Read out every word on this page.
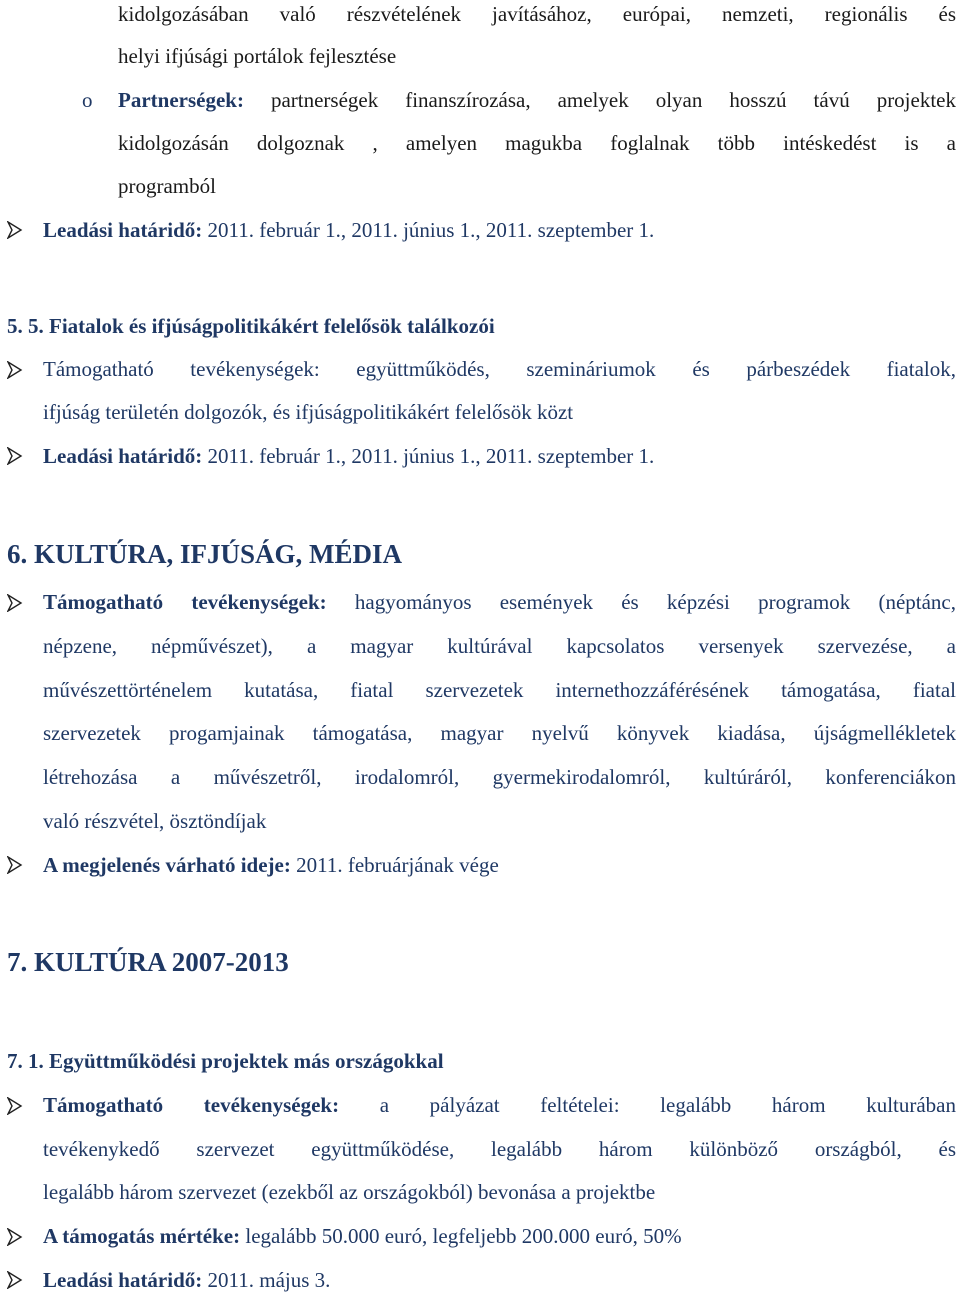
kidolgozásában való részvételének javításához, európai, nemzeti, regionális és
helyi ifjúsági portálok fejlesztése
o Partnerségek: partnerségek finanszírozása, amelyek olyan hosszú távú projektek
kidolgozásán dolgoznak , amelyen magukba foglalnak több intéskedést is a
programból
Leadási határidő: 2011. február 1., 2011. június 1., 2011. szeptember 1.
5. 5. Fiatalok és ifjúságpolitikákért felelősök találkozói
Támogatható tevékenységek: együttműködés, szemináriumok és párbeszédek fiatalok,
ifjúság területén dolgozók, és ifjúságpolitikákért felelősök közt
Leadási határidő: 2011. február 1., 2011. június 1., 2011. szeptember 1.
6. KULTÚRA, IFJÚSÁG, MÉDIA
Támogatható tevékenységek: hagyományos események és képzési programok (néptánc,
népzene, népművészet), a magyar kultúrával kapcsolatos versenyek szervezése, a
művészettörténelem kutatása, fiatal szervezetek internethozzáférésének támogatása, fiatal
szervezetek progamjainak támogatása, magyar nyelvű könyvek kiadása, újságmellékletek
létrehozása a művészetről, irodalomról, gyermekirodalomról, kultúráról, konferenciákon
való részvétel, ösztöndíjak
A megjelenés várható ideje: 2011. februárjának vége
7. KULTÚRA 2007-2013
7. 1. Együttműködési projektek más országokkal
Támogatható tevékenységek: a pályázat feltételei: legalább három kulturában
tevékenykedő szervezet együttműködése, legalább három különböző országból, és
legalább három szervezet (ezekből az országokból) bevonása a projektbe
A támogatás mértéke: legalább 50.000 euró, legfeljebb 200.000 euró, 50%
Leadási határidő: 2011. május 3.
